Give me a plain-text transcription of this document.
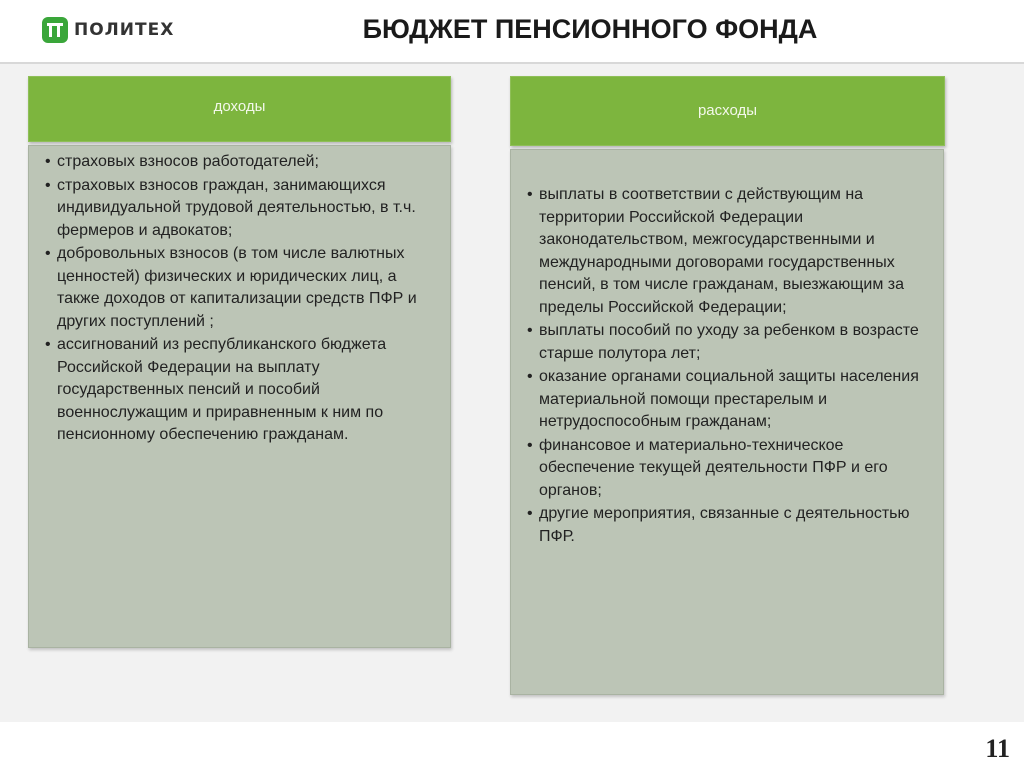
ПОЛИТЕХ	БЮДЖЕТ ПЕНСИОННОГО ФОНДА
доходы
• страховых взносов работодателей;
• страховых взносов граждан, занимающихся индивидуальной трудовой деятельностью, в т.ч. фермеров и адвокатов;
• добровольных взносов (в том числе валютных ценностей) физических и юридических лиц, а также доходов от капитализации средств ПФР и других поступлений ;
• ассигнований из республиканского бюджета Российской Федерации на выплату государственных пенсий и пособий военнослужащим и приравненным к ним по пенсионному обеспечению гражданам.
расходы
• выплаты в соответствии с действующим на территории Российской Федерации законодательством, межгосударственными и международными договорами государственных пенсий, в том числе гражданам, выезжающим за пределы Российской Федерации;
• выплаты пособий по уходу за ребенком в возрасте старше полутора лет;
• оказание органами социальной защиты населения материальной помощи престарелым и нетрудоспособным гражданам;
• финансовое и материально-техническое обеспечение текущей деятельности ПФР и его органов;
• другие мероприятия, связанные с деятельностью ПФР.
11
